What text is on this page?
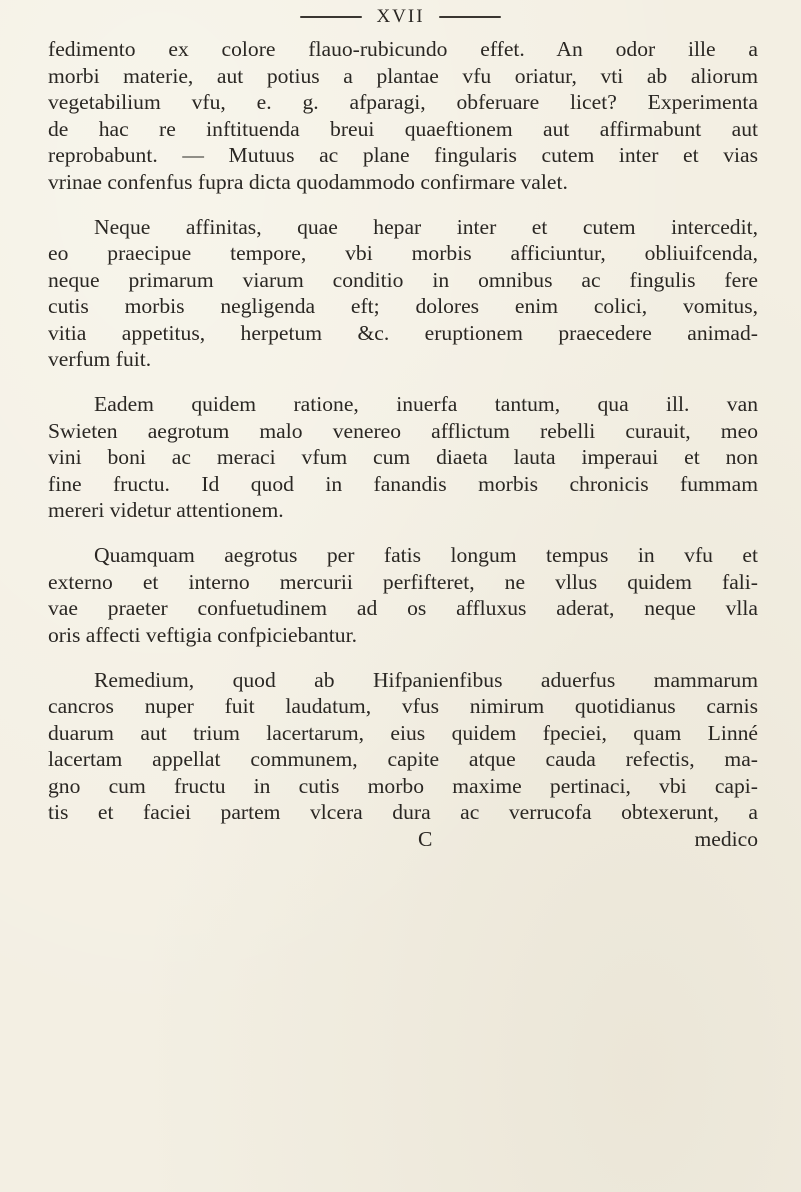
XVII
fedimento ex colore flauo-rubicundo effet. An odor ille a
morbi materie, aut potius a plantae vfu oriatur, vti ab aliorum
vegetabilium vfu, e. g. afparagi, obferuare licet? Experimenta
de hac re inftituenda breui quaeftionem aut affirmabunt aut
reprobabunt. — Mutuus ac plane fingularis cutem inter et vias
vrinae confenfus fupra dicta quodammodo confirmare valet.
Neque affinitas, quae hepar inter et cutem intercedit,
eo praecipue tempore, vbi morbis afficiuntur, obliuifcenda,
neque primarum viarum conditio in omnibus ac fingulis fere
cutis morbis negligenda eft; dolores enim colici, vomitus,
vitia appetitus, herpetum &c. eruptionem praecedere animad-
verfum fuit.
Eadem quidem ratione, inuerfa tantum, qua ill. van
Swieten aegrotum malo venereo afflictum rebelli curauit, meo
vini boni ac meraci vfum cum diaeta lauta imperaui et non
fine fructu. Id quod in fanandis morbis chronicis fummam
mereri videtur attentionem.
Quamquam aegrotus per fatis longum tempus in vfu et
externo et interno mercurii perfifteret, ne vllus quidem fali-
vae praeter confuetudinem ad os affluxus aderat, neque vlla
oris affecti veftigia confpiciebantur.
Remedium, quod ab Hifpanienfibus aduerfus mammarum
cancros nuper fuit laudatum, vfus nimirum quotidianus carnis
duarum aut trium lacertarum, eius quidem fpeciei, quam Linné
lacertam appellat communem, capite atque cauda refectis, ma-
gno cum fructu in cutis morbo maxime pertinaci, vbi capi-
tis et faciei partem vlcera dura ac verrucofa obtexerunt, a
C	medico
